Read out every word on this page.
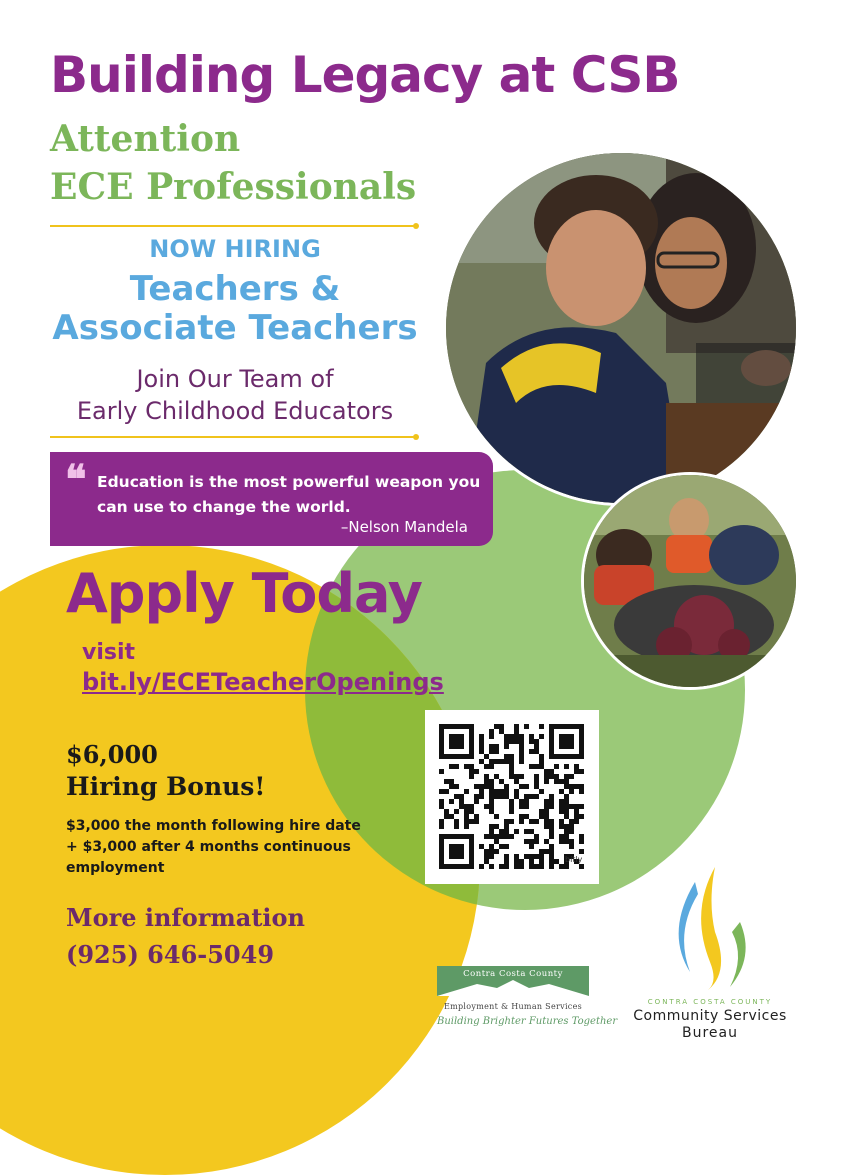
Building Legacy at CSB
Attention
ECE Professionals
NOW HIRING
Teachers &
Associate Teachers
Join Our Team of
Early Childhood Educators
❝ Education is the most powerful weapon you can use to change the world.
–Nelson Mandela
Apply Today
visit
bit.ly/ECETeacherOpenings
bitly
$6,000
Hiring Bonus!
$3,000 the month following hire date + $3,000 after 4 months continuous employment
More information
(925) 646-5049
Contra Costa County
Employment & Human Services
Building Brighter Futures Together
CONTRA COSTA COUNTY
Community Services
Bureau
